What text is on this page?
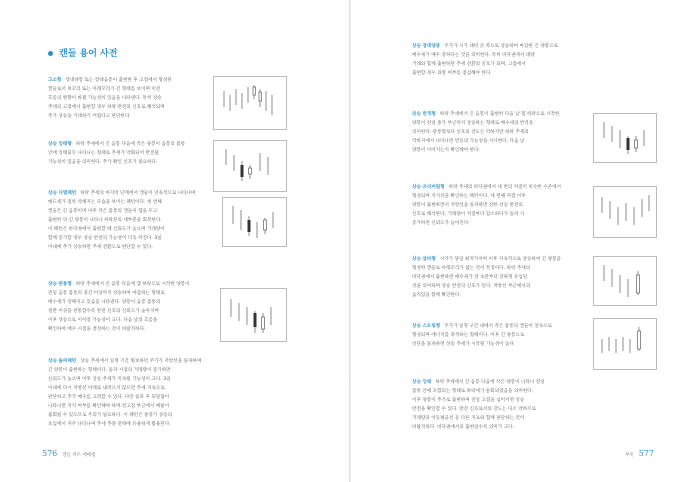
캔들 용어 사전
고소형 장대양봉 또는 장대음봉이 출현한 후 고점에서 형성된
캔들로서 위꼬리 또는 아래꼬리가 긴 형태를 보이며 이전
흐름의 방향이 바뀔 가능성이 있음을 나타낸다. 특히 상승
추세의 고점에서 출현할 경우 하락 반전의 신호로 해석되며
추가 상승을 기대하기 어렵다고 판단한다.
상승 잉태형 하락 추세에서 긴 음봉 다음에 작은 양봉이 음봉의 몸통
안에 잉태되듯 나타나는 형태로 추세가 약화되어 반전될
가능성이 있음을 의미한다. 추가 확인 신호가 필요하다.
상승 다별패턴 하락 추세의 마지막 단계에서 캔들이 연속적으로 나타나며
매도세가 점차 약해지는 모습을 보이는 패턴이다. 첫 번째
캔들은 긴 음봉이며 이후 작은 몸통의 캔들이 갭을 두고
출현한 뒤 긴 양봉이 나타나 하락분의 대부분을 회복한다.
이 패턴은 바닥권에서 출현할 때 신뢰도가 높으며 거래량이
함께 증가할 경우 상승 반전의 가능성이 더욱 커진다. 3일
이내에 추가 상승하면 추세 전환으로 판단할 수 있다.
상승 관통형 하락 추세에서 긴 음봉 다음에 갭 하락으로 시작한 양봉이
전일 음봉 몸통의 중간 이상까지 상승하여 마감하는 형태로
매수세가 강해지고 있음을 나타낸다. 양봉이 음봉 몸통의
절반 이상을 관통할수록 반전 신호의 신뢰도가 높아지며
이후 상승으로 이어질 가능성이 크다. 다음 날의 흐름을
확인하여 매수 시점을 결정하는 것이 바람직하다.
상승 돌파패턴 상승 추세에서 일정 기간 횡보하던 주가가 저항선을 돌파하며
긴 양봉이 출현하는 형태이다. 돌파 시점의 거래량이 증가하면
신뢰도가 높으며 이후 상승 추세가 지속될 가능성이 크다. 3일
이내에 다시 저항선 아래로 내려오지 않으면 추세 지속으로
판단하고 추가 매수를 고려할 수 있다. 다만 돌파 후 되밀림이
나타나면 지지 여부를 확인해야 하며 전고점 부근에서 매물이
출회될 수 있으므로 주의가 필요하다. 이 패턴은 중장기 상승의
초입에서 자주 나타나며 추세 추종 전략에 유용하게 활용된다.
576 캔들 차트 매매법
상승 장대양봉 주가가 시가 대비 큰 폭으로 상승하여 마감한 긴 양봉으로
매수세가 매우 강하다는 것을 의미한다. 특히 바닥권에서 대량
거래와 함께 출현하면 추세 전환의 신호가 되며, 고점에서
출현할 경우 과열 여부를 점검해야 한다.
상승 반격형 하락 추세에서 긴 음봉이 출현한 다음 날 갭 하락으로 시작한
양봉이 전일 종가 부근까지 상승하는 형태로 매수세의 반격을
의미한다. 관통형보다 신호의 강도는 약하지만 하락 추세의
막바지에서 나타나면 반등의 가능성을 시사한다. 다음 날
양봉이 이어지는지 확인해야 한다.
상승 쓰리버텀형 하락 추세의 바닥권에서 세 번의 저점이 비슷한 수준에서
형성되며 지지선을 확인하는 패턴이다. 세 번째 저점 이후
양봉이 출현하면서 저항선을 돌파하면 강한 상승 반전의
신호로 해석한다. 거래량이 저점마다 감소하다가 돌파 시
증가하면 신뢰도가 높아진다.
상승 샅바형 시가가 당일 최저가이며 이후 지속적으로 상승하여 긴 양봉을
형성한 캔들로 아래꼬리가 없는 것이 특징이다. 하락 추세의
바닥권에서 출현하면 매수세가 장 초반부터 강하게 유입된
것을 의미하며 상승 반전의 신호가 된다. 저항선 부근에서의
움직임을 함께 확인한다.
상승 스트링형 주가가 일정 구간 내에서 작은 몸통의 캔들이 연속으로
형성되며 에너지를 축적하는 형태이다. 이후 긴 양봉으로
상단을 돌파하면 상승 추세가 시작될 가능성이 높다.
상승 잉태 하락 추세에서 긴 음봉 다음에 작은 양봉이 나타나 전일
몸통 안에 포함되는 형태로 하락세가 둔화되었음을 의미한다.
이후 양봉이 추가로 출현하며 전일 고점을 넘어서면 상승
반전을 확인할 수 있다. 반전 신호로서의 강도는 다소 약하므로
거래량과 이동평균선 등 다른 지표와 함께 판단하는 것이
바람직하다. 바닥권에서의 출현일수록 의미가 크다.
부록 577
